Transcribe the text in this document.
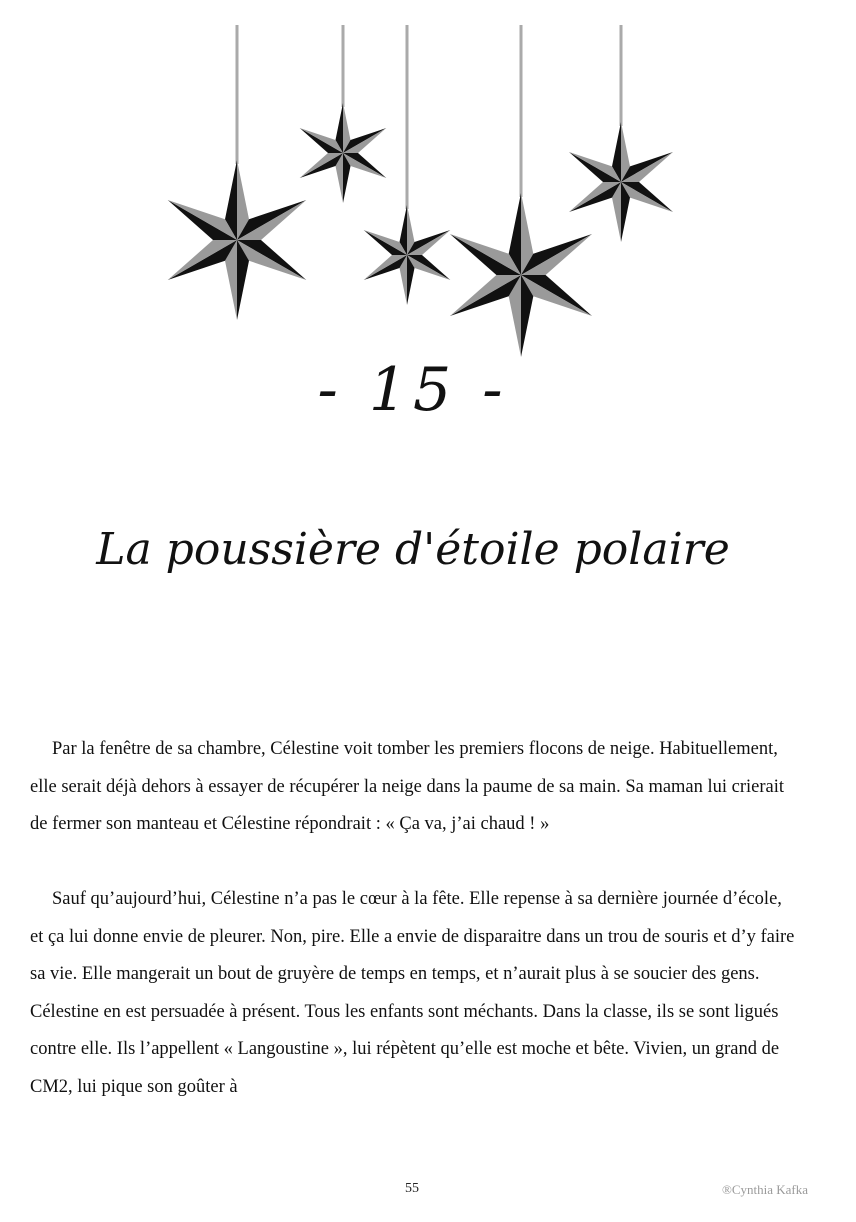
- 15 -
La poussière d'étoile polaire

Par la fenêtre de sa chambre, Célestine voit tomber les premiers flocons de neige. Habituellement, elle serait déjà dehors à essayer de récupérer la neige dans la paume de sa main. Sa maman lui crierait de fermer son manteau et Célestine répondrait : « Ça va, j’ai chaud ! »

Sauf qu’aujourd’hui, Célestine n’a pas le cœur à la fête. Elle repense à sa dernière journée d’école, et ça lui donne envie de pleurer. Non, pire. Elle a envie de disparaitre dans un trou de souris et d’y faire sa vie. Elle mangerait un bout de gruyère de temps en temps, et n’aurait plus à se soucier des gens. Célestine en est persuadée à présent. Tous les enfants sont méchants. Dans la classe, ils se sont ligués contre elle. Ils l’appellent « Langoustine », lui répètent qu’elle est moche et bête. Vivien, un grand de CM2, lui pique son goûter à

55	®Cynthia Kafka
